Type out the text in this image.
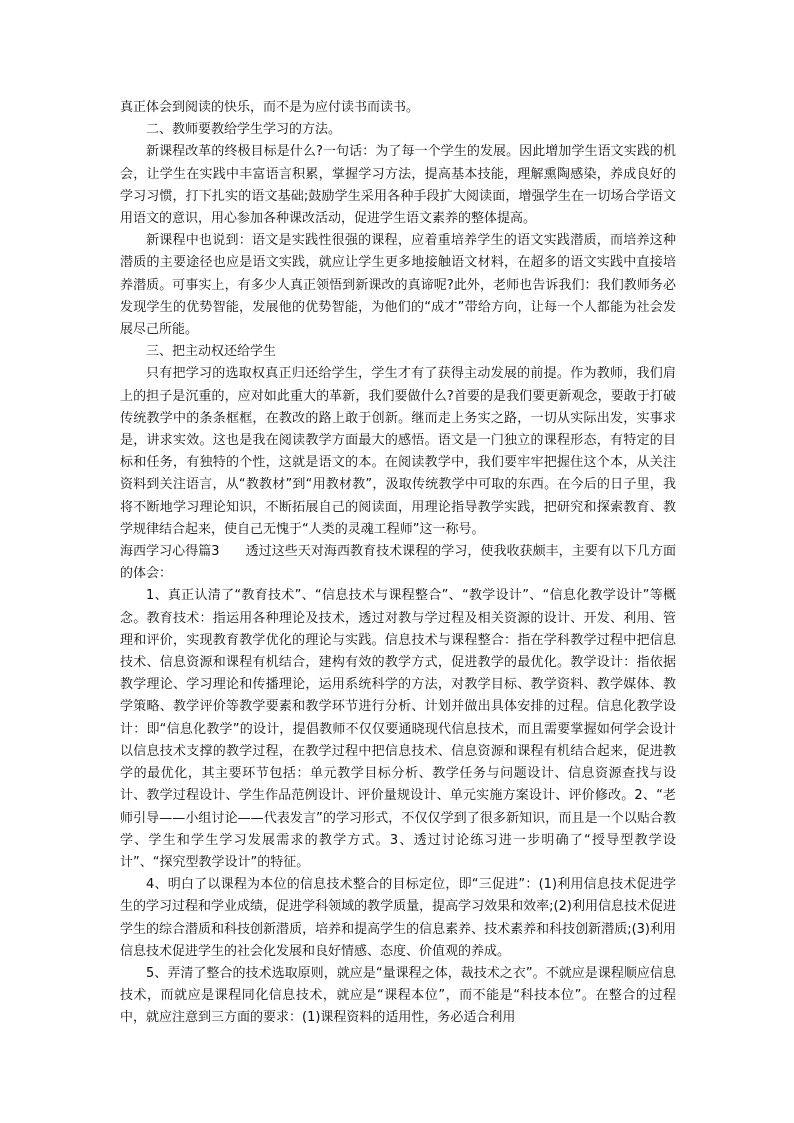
真正体会到阅读的快乐，而不是为应付读书而读书。

二、教师要教给学生学习的方法。

新课程改革的终极目标是什么?一句话：为了每一个学生的发展。因此增加学生语文实践的机会，让学生在实践中丰富语言积累，掌握学习方法，提高基本技能，理解熏陶感染，养成良好的学习习惯，打下扎实的语文基础;鼓励学生采用各种手段扩大阅读面，增强学生在一切场合学语文用语文的意识，用心参加各种课改活动，促进学生语文素养的整体提高。

新课程中也说到：语文是实践性很强的课程，应着重培养学生的语文实践潜质，而培养这种潜质的主要途径也应是语文实践，就应让学生更多地接触语文材料，在超多的语文实践中直接培养潜质。可事实上，有多少人真正领悟到新课改的真谛呢?此外，老师也告诉我们：我们教师务必发现学生的优势智能，发展他的优势智能，为他们的“成才”带给方向，让每一个人都能为社会发展尽己所能。

三、把主动权还给学生

只有把学习的选取权真正归还给学生，学生才有了获得主动发展的前提。作为教师，我们肩上的担子是沉重的，应对如此重大的革新，我们要做什么?首要的是我们要更新观念，要敢于打破传统教学中的条条框框，在教改的路上敢于创新。继而走上务实之路，一切从实际出发，实事求是，讲求实效。这也是我在阅读教学方面最大的感悟。语文是一门独立的课程形态，有特定的目标和任务，有独特的个性，这就是语文的本。在阅读教学中，我们要牢牢把握住这个本，从关注资料到关注语言，从“教教材”到“用教材教”，汲取传统教学中可取的东西。在今后的日子里，我将不断地学习理论知识，不断拓展自己的阅读面，用理论指导教学实践，把研究和探索教育、教学规律结合起来，使自己无愧于“人类的灵魂工程师”这一称号。

海西学习心得篇3　　透过这些天对海西教育技术课程的学习，使我收获颇丰，主要有以下几方面的体会：

1、真正认清了“教育技术”、“信息技术与课程整合”、“教学设计”、“信息化教学设计”等概念。教育技术：指运用各种理论及技术，透过对教与学过程及相关资源的设计、开发、利用、管理和评价，实现教育教学优化的理论与实践。信息技术与课程整合：指在学科教学过程中把信息技术、信息资源和课程有机结合，建构有效的教学方式，促进教学的最优化。教学设计：指依据教学理论、学习理论和传播理论，运用系统科学的方法，对教学目标、教学资料、教学媒体、教学策略、教学评价等教学要素和教学环节进行分析、计划并做出具体安排的过程。信息化教学设计：即“信息化教学”的设计，提倡教师不仅仅要通晓现代信息技术，而且需要掌握如何学会设计以信息技术支撑的教学过程，在教学过程中把信息技术、信息资源和课程有机结合起来，促进教学的最优化，其主要环节包括：单元教学目标分析、教学任务与问题设计、信息资源查找与设计、教学过程设计、学生作品范例设计、评价量规设计、单元实施方案设计、评价修改。2、“老师引导——小组讨论——代表发言”的学习形式，不仅仅学到了很多新知识，而且是一个以贴合教学、学生和学生学习发展需求的教学方式。3、透过讨论练习进一步明确了“授导型教学设计”、“探究型教学设计”的特征。

4、明白了以课程为本位的信息技术整合的目标定位，即“三促进”：(1)利用信息技术促进学生的学习过程和学业成绩，促进学科领域的教学质量，提高学习效果和效率;(2)利用信息技术促进学生的综合潜质和科技创新潜质，培养和提高学生的信息素养、技术素养和科技创新潜质;(3)利用信息技术促进学生的社会化发展和良好情感、态度、价值观的养成。

5、弄清了整合的技术选取原则，就应是“量课程之体，裁技术之衣”。不就应是课程顺应信息技术，而就应是课程同化信息技术，就应是“课程本位”，而不能是“科技本位”。在整合的过程中，就应注意到三方面的要求：(1)课程资料的适用性，务必适合利用
